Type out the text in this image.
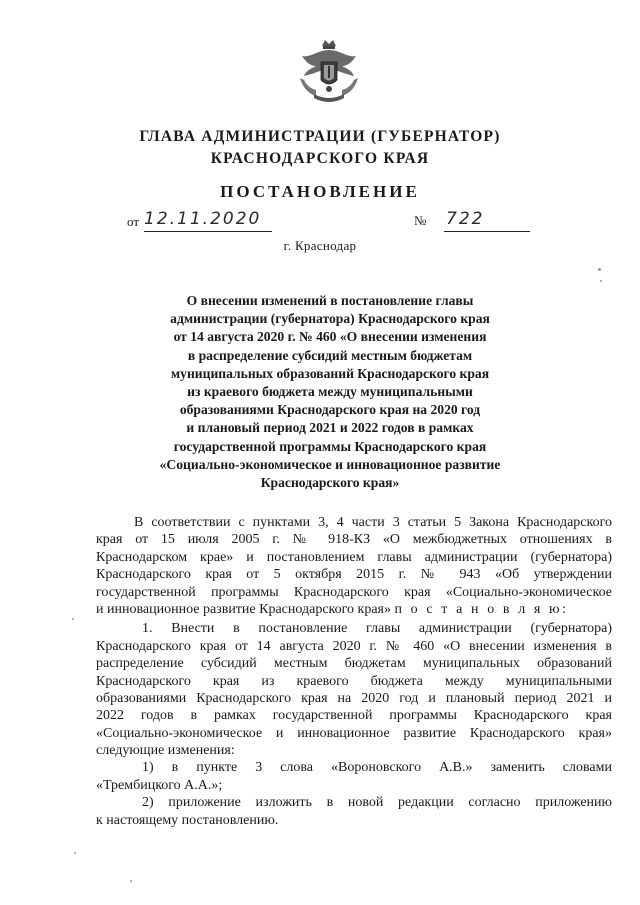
ГЛАВА АДМИНИСТРАЦИИ (ГУБЕРНАТОР)
КРАСНОДАРСКОГО КРАЯ
ПОСТАНОВЛЕНИЕ
от 12.11.2020	№ 722
г. Краснодар
О внесении изменений в постановление главы
администрации (губернатора) Краснодарского края
от 14 августа 2020 г. № 460 «О внесении изменения
в распределение субсидий местным бюджетам
муниципальных образований Краснодарского края
из краевого бюджета между муниципальными
образованиями Краснодарского края на 2020 год
и плановый период 2021 и 2022 годов в рамках
государственной программы Краснодарского края
«Социально-экономическое и инновационное развитие
Краснодарского края»
В соответствии с пунктами 3, 4 части 3 статьи 5 Закона Краснодарского
края от 15 июля 2005 г. № 918-КЗ «О межбюджетных отношениях в
Краснодарском крае» и постановлением главы администрации (губернатора)
Краснодарского края от 5 октября 2015 г. № 943 «Об утверждении
государственной программы Краснодарского края «Социально-экономическое
и инновационное развитие Краснодарского края» п о с т а н о в л я ю:
1. Внести в постановление главы администрации (губернатора)
Краснодарского края от 14 августа 2020 г. № 460 «О внесении изменения в
распределение субсидий местным бюджетам муниципальных образований
Краснодарского края из краевого бюджета между муниципальными
образованиями Краснодарского края на 2020 год и плановый период 2021 и
2022 годов в рамках государственной программы Краснодарского края
«Социально-экономическое и инновационное развитие Краснодарского края»
следующие изменения:
1) в пункте 3 слова «Вороновского А.В.» заменить словами
«Трембицкого А.А.»;
2) приложение изложить в новой редакции согласно приложению
к настоящему постановлению.
